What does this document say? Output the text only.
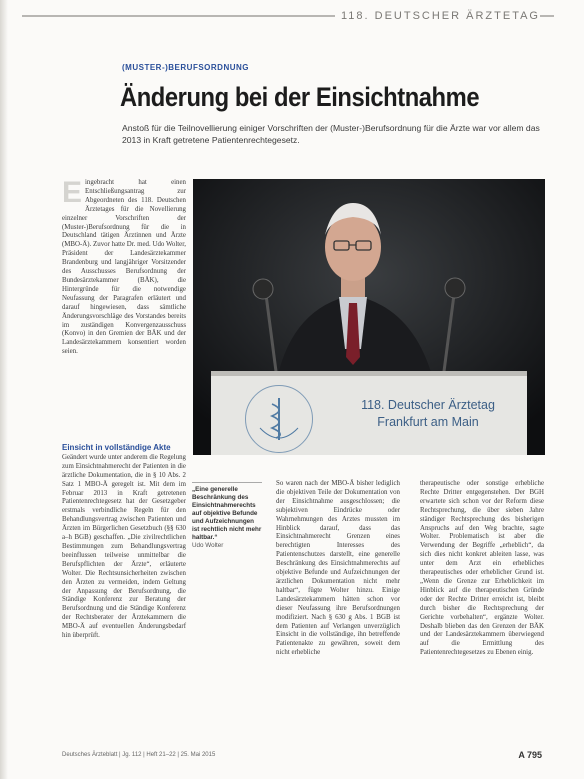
118. DEUTSCHER ÄRZTETAG
(MUSTER-)BERUFSORDNUNG
Änderung bei der Einsichtnahme
Anstoß für die Teilnovellierung einiger Vorschriften der (Muster-)Berufsordnung für die Ärzte war vor allem das 2013 in Kraft getretene Patientenrechtegesetz.
Eingebracht hat einen Entschließungsantrag zur Abgeordneten des 118. Deutschen Ärztetages für die Novellierung einzelner Vorschriften der (Muster-)Berufsordnung für die in Deutschland tätigen Ärztinnen und Ärzte (MBO-Ä). Zuvor hatte Dr. med. Udo Wolter, Präsident der Landesärztekammer Brandenburg und langjähriger Vorsitzender des Ausschusses Berufsordnung der Bundesärztekammer (BÄK), die Hintergründe für die notwendige Neufassung der Paragrafen erläutert und darauf hingewiesen, dass sämtliche Änderungsvorschläge des Vorstandes bereits im zuständigen Konvergenzausschuss (Konvo) in den Gremien der BÄK und der Landesärztekammern konsentiert worden seien.
Einsicht in vollständige Akte
Geändert wurde unter anderem die Regelung zum Einsichtnahmerecht der Patienten in die ärztliche Dokumentation, die in § 10 Abs. 2 Satz 1 MBO-Ä geregelt ist. Mit dem im Februar 2013 in Kraft getretenen Patientenrechtegesetz hat der Gesetzgeber erstmals verbindliche Regeln für den Behandlungsvertrag zwischen Patienten und Ärzten im Bürgerlichen Gesetzbuch (§§ 630 a–h BGB) geschaffen. „Die zivilrechtlichen Bestimmungen zum Behandlungsvertrag beeinflussen teilweise unmittelbar die Berufspflichten der Ärzte“, erläuterte Wolter. Die Rechtsunsicherheiten zwischen den Ärzten zu vermeiden, indem Geltung der Anpassung der Berufsordnung, die Ständige Konferenz zur Beratung der Berufsordnung und die Ständige Konferenz der Rechtsberater der Ärztekammern die MBO-Ä auf eventuellen Änderungsbedarf hin überprüft.
118. Deutscher Ärztetag
Frankfurt am Main
„Eine generelle Beschränkung des Einsichtnahmerechts auf objektive Befunde und Aufzeichnungen ist rechtlich nicht mehr haltbar.“
Udo Wolter
So waren nach der MBO-Ä bisher lediglich die objektiven Teile der Dokumentation von der Einsichtnahme ausgeschlossen; die subjektiven Eindrücke oder Wahrnehmungen des Arztes mussten im Hinblick darauf, dass das Einsichtnahmerecht Grenzen eines berechtigten Interesses des Patientenschutzes darstellt, eine generelle Beschränkung des Einsichtnahmerechts auf objektive Befunde und Aufzeichnungen der ärztlichen Dokumentation nicht mehr haltbar“, fügte Wolter hinzu. Einige Landesärztekammern hätten schon vor dieser Neufassung ihre Berufsordnungen modifiziert. Nach § 630 g Abs. 1 BGB ist dem Patienten auf Verlangen unverzüglich Einsicht in die vollständige, ihn betreffende Patientenakte zu gewähren, soweit dem nicht erhebliche
therapeutische oder sonstige erhebliche Rechte Dritter entgegenstehen. Der BGH erwartete sich schon vor der Reform diese Rechtsprechung, die über sieben Jahre ständiger Rechtsprechung des bisherigen Anspruchs auf den Weg brachte, sagte Wolter. Problematisch ist aber die Verwendung der Begriffe „erheblich“, da sich dies nicht konkret ableiten lasse, was unter dem Arzt ein erhebliches therapeutisches oder erheblicher Grund ist. „Wenn die Grenze zur Erheblichkeit im Hinblick auf die therapeutischen Gründe oder der Rechte Dritter erreicht ist, bleibt durch bisher die Rechtsprechung der Gerichte vorbehalten“, ergänzte Wolter. Deshalb blieben das den Grenzen der BÄK und der Landesärztekammern überwiegend auf die Ermittlung des Patientenrechtegesetzes zu Ebenen einig.
Deutsches Ärzteblatt | Jg. 112 | Heft 21–22 | 25. Mai 2015	A 795
